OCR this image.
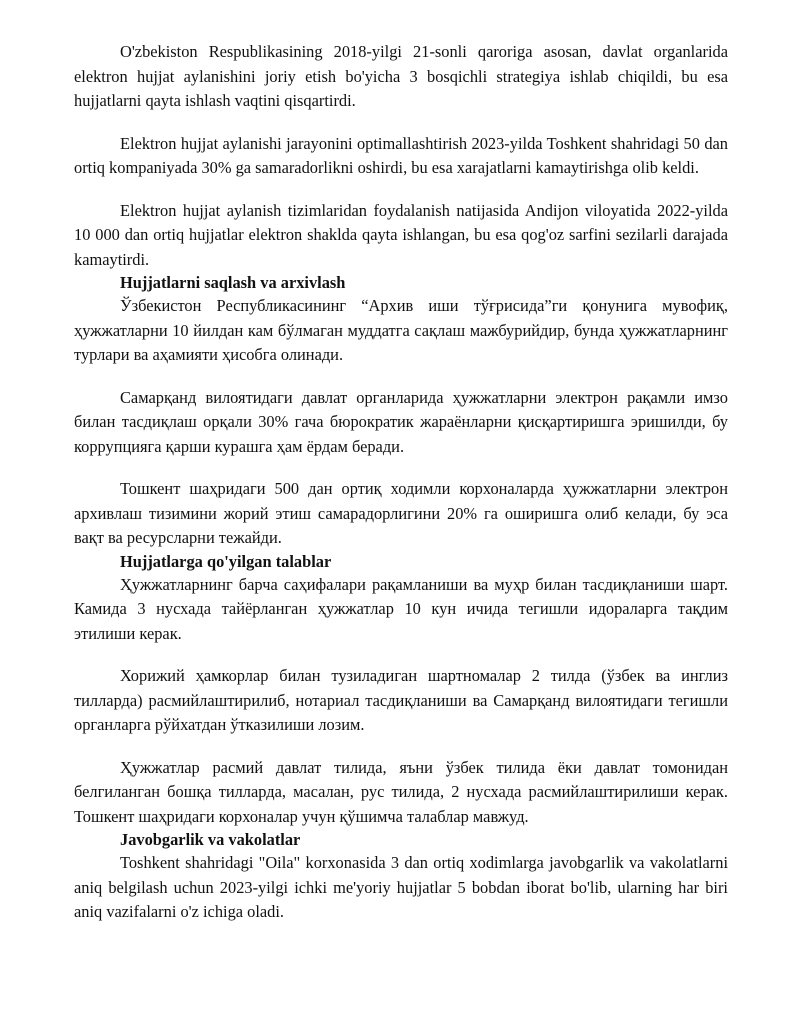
O'zbekiston Respublikasining 2018-yilgi 21-sonli qaroriga asosan, davlat organlarida elektron hujjat aylanishini joriy etish bo'yicha 3 bosqichli strategiya ishlab chiqildi, bu esa hujjatlarni qayta ishlash vaqtini qisqartirdi.

Elektron hujjat aylanishi jarayonini optimallashtirish 2023-yilda Toshkent shahridagi 50 dan ortiq kompaniyada 30% ga samaradorlikni oshirdi, bu esa xarajatlarni kamaytirishga olib keldi.

Elektron hujjat aylanish tizimlaridan foydalanish natijasida Andijon viloyatida 2022-yilda 10 000 dan ortiq hujjatlar elektron shaklda qayta ishlangan, bu esa qog'oz sarfini sezilarli darajada kamaytirdi.

Hujjatlarni saqlash va arxivlash

Ўзбекистон Республикасининг “Архив иши тўғрисида”ги қонунига мувофиқ, ҳужжатларни 10 йилдан кам бўлмаган муддатга сақлаш мажбурийдир, бунда ҳужжатларнинг турлари ва аҳамияти ҳисобга олинади.

Самарқанд вилоятидаги давлат органларида ҳужжатларни электрон рақамли имзо билан тасдиқлаш орқали 30% гача бюрократик жараёнларни қисқартиришга эришилди, бу коррупцияга қарши курашга ҳам ёрдам беради.

Тошкент шаҳридаги 500 дан ортиқ ходимли корхоналарда ҳужжатларни электрон архивлаш тизимини жорий этиш самарадорлигини 20% га оширишга олиб келади, бу эса вақт ва ресурсларни тежайди.

Hujjatlarga qo'yilgan talablar

Ҳужжатларнинг барча саҳифалари рақамланиши ва муҳр билан тасдиқланиши шарт. Камида 3 нусхада тайёрланган ҳужжатлар 10 кун ичида тегишли идораларга тақдим этилиши керак.

Хорижий ҳамкорлар билан тузиладиган шартномалар 2 тилда (ўзбек ва инглиз тилларда) расмийлаштирилиб, нотариал тасдиқланиши ва Самарқанд вилоятидаги тегишли органларга рўйхатдан ўтказилиши лозим.

Ҳужжатлар расмий давлат тилида, яъни ўзбек тилида ёки давлат томонидан белгиланган бошқа тилларда, масалан, рус тилида, 2 нусхада расмийлаштирилиши керак. Тошкент шаҳридаги корхоналар учун қўшимча талаблар мавжуд.

Javobgarlik va vakolatlar

Toshkent shahridagi "Oila" korxonasida 3 dan ortiq xodimlarga javobgarlik va vakolatlarni aniq belgilash uchun 2023-yilgi ichki me'yoriy hujjatlar 5 bobdan iborat bo'lib, ularning har biri aniq vazifalarni o'z ichiga oladi.
